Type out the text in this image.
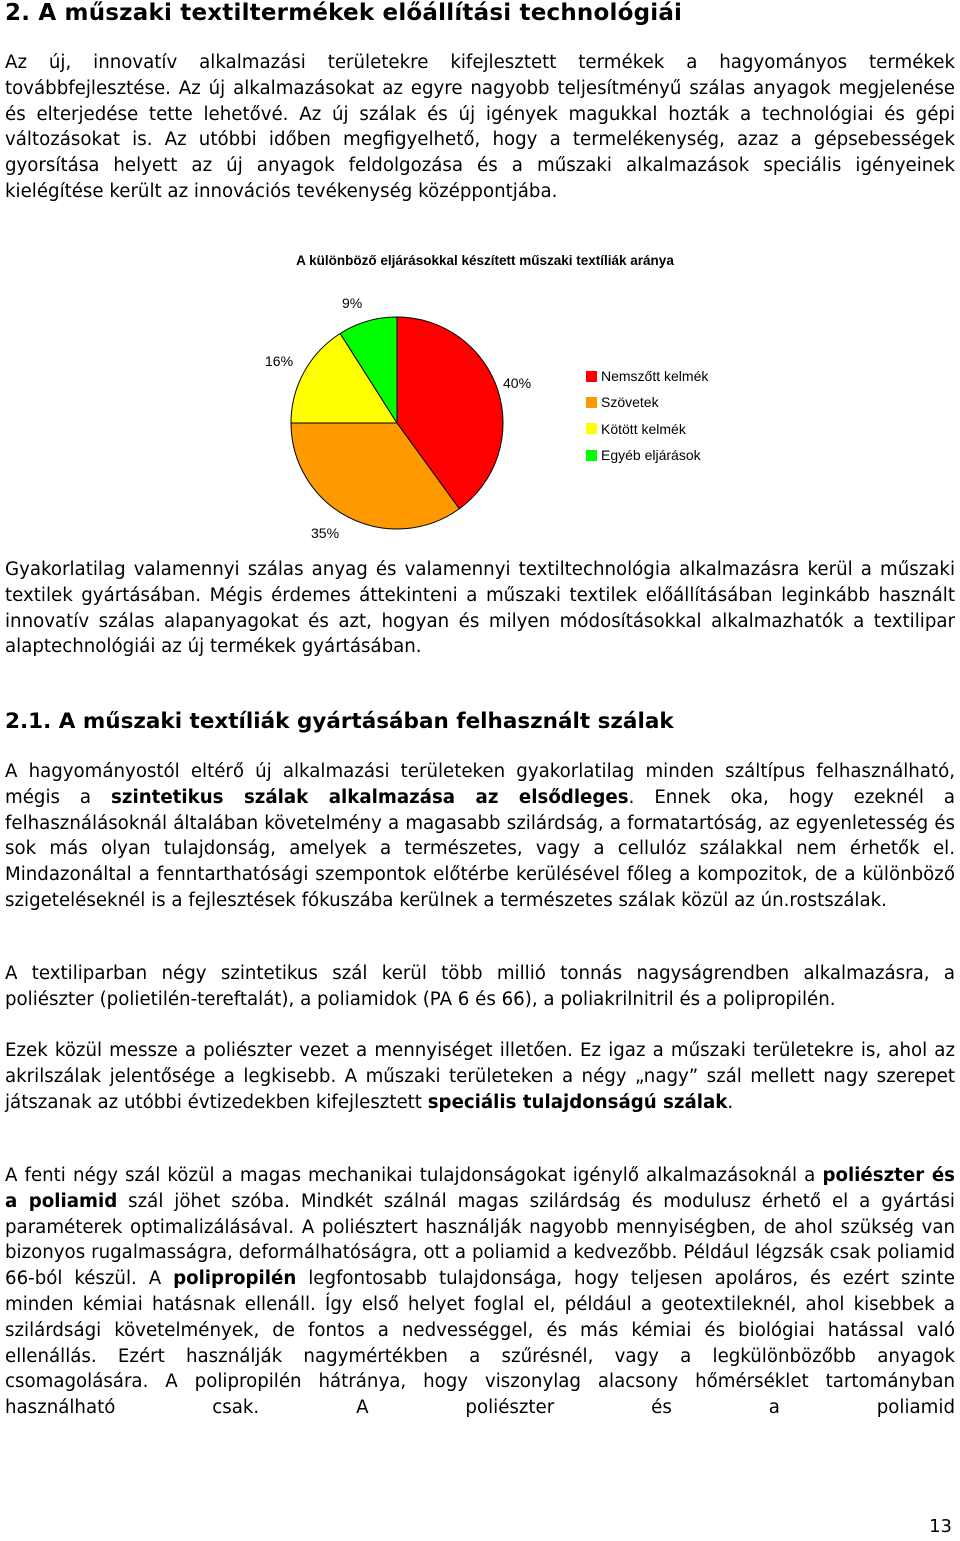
2. A műszaki textiltermékek előállítási technológiái

Az új, innovatív alkalmazási területekre kifejlesztett termékek a hagyományos termékek továbbfejlesztése. Az új alkalmazásokat az egyre nagyobb teljesítményű szálas anyagok megjelenése és elterjedése tette lehetővé. Az új szálak és új igények magukkal hozták a technológiai és gépi változásokat is. Az utóbbi időben megfigyelhető, hogy a termelékenység, azaz a gépsebességek gyorsítása helyett az új anyagok feldolgozása és a műszaki alkalmazások speciális igényeinek kielégítése került az innovációs tevékenység középpontjába.

A különböző eljárásokkal készített műszaki textíliák aránya
40%
35%
16%
9%
Nemszőtt kelmék
Szövetek
Kötött kelmék
Egyéb eljárások

Gyakorlatilag valamennyi szálas anyag és valamennyi textiltechnológia alkalmazásra kerül a műszaki textilek gyártásában. Mégis érdemes áttekinteni a műszaki textilek előállításában leginkább használt innovatív szálas alapanyagokat és azt, hogyan és milyen módosításokkal alkalmazhatók a textilipar alaptechnológiái az új termékek gyártásában.

2.1. A műszaki textíliák gyártásában felhasznált szálak

A hagyományostól eltérő új alkalmazási területeken gyakorlatilag minden száltípus felhasználható, mégis a szintetikus szálak alkalmazása az elsődleges. Ennek oka, hogy ezeknél a felhasználásoknál általában követelmény a magasabb szilárdság, a formatartóság, az egyenletesség és sok más olyan tulajdonság, amelyek a természetes, vagy a cellulóz szálakkal nem érhetők el. Mindazonáltal a fenntarthatósági szempontok előtérbe kerülésével főleg a kompozitok, de a különböző szigeteléseknél is a fejlesztések fókuszába kerülnek a természetes szálak közül az ún.rostszálak.

A textiliparban négy szintetikus szál kerül több millió tonnás nagyságrendben alkalmazásra, a poliészter (polietilén-tereftalát), a poliamidok (PA 6 és 66), a poliakrilnitril és a polipropilén.

Ezek közül messze a poliészter vezet a mennyiséget illetően. Ez igaz a műszaki területekre is, ahol az akrilszálak jelentősége a legkisebb. A műszaki területeken a négy „nagy” szál mellett nagy szerepet játszanak az utóbbi évtizedekben kifejlesztett speciális tulajdonságú szálak.

A fenti négy szál közül a magas mechanikai tulajdonságokat igénylő alkalmazásoknál a poliészter és a poliamid szál jöhet szóba. Mindkét szálnál magas szilárdság és modulusz érhető el a gyártási paraméterek optimalizálásával. A poliésztert használják nagyobb mennyiségben, de ahol szükség van bizonyos rugalmasságra, deformálhatóságra, ott a poliamid a kedvezőbb. Például légzsák csak poliamid 66-ból készül. A polipropilén legfontosabb tulajdonsága, hogy teljesen apoláros, és ezért szinte minden kémiai hatásnak ellenáll. Így első helyet foglal el, például a geotextileknél, ahol kisebbek a szilárdsági követelmények, de fontos a nedvességgel, és más kémiai és biológiai hatással való ellenállás. Ezért használják nagymértékben a szűrésnél, vagy a legkülönbözőbb anyagok csomagolására. A polipropilén hátránya, hogy viszonylag alacsony hőmérséklet tartományban használható csak. A poliészter és a poliamid

13
